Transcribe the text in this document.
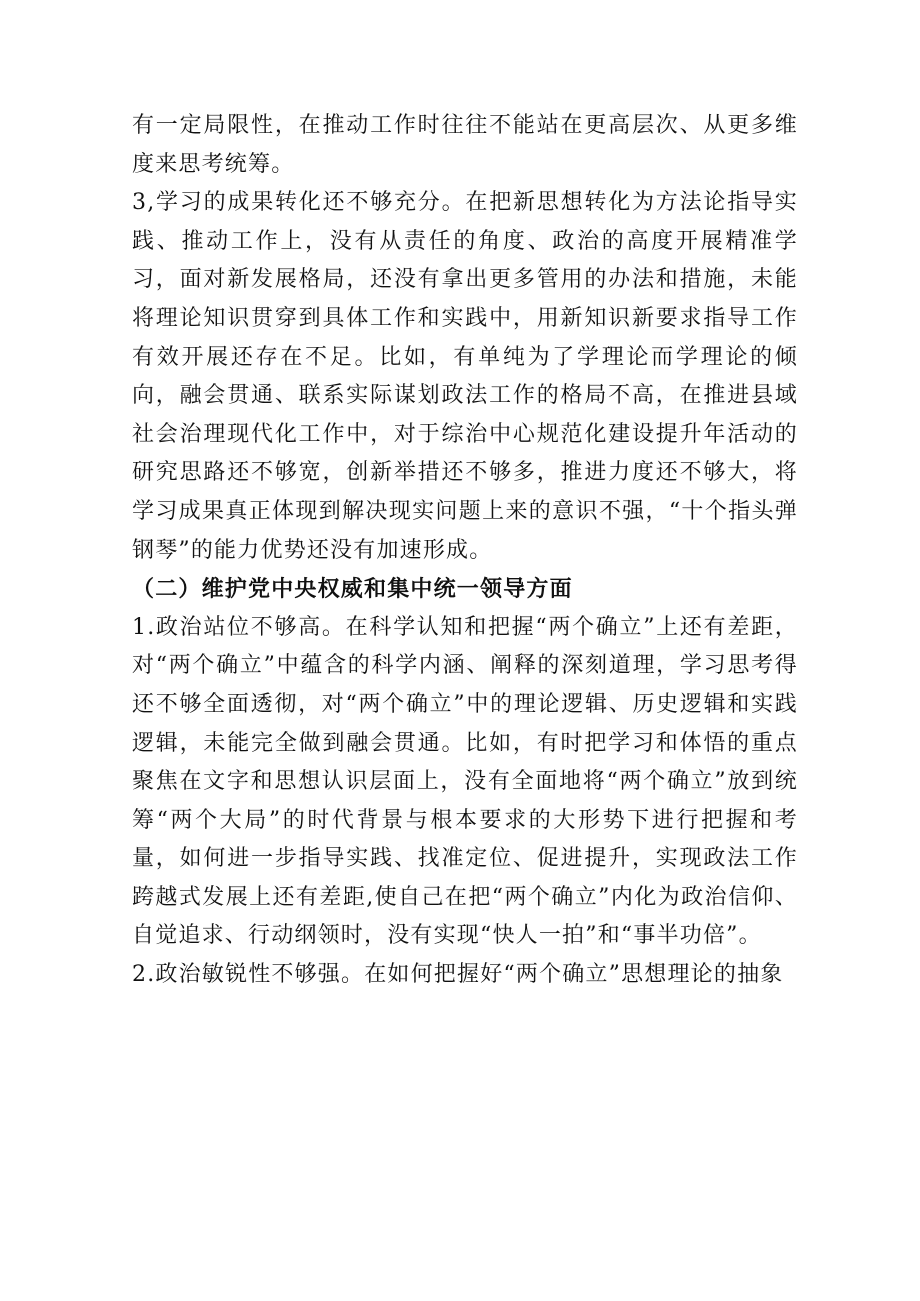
有一定局限性，在推动工作时往往不能站在更高层次、从更多维度来思考统筹。

3,学习的成果转化还不够充分。在把新思想转化为方法论指导实践、推动工作上，没有从责任的角度、政治的高度开展精准学习，面对新发展格局，还没有拿出更多管用的办法和措施，未能将理论知识贯穿到具体工作和实践中，用新知识新要求指导工作有效开展还存在不足。比如，有单纯为了学理论而学理论的倾向，融会贯通、联系实际谋划政法工作的格局不高，在推进县域社会治理现代化工作中，对于综治中心规范化建设提升年活动的研究思路还不够宽，创新举措还不够多，推进力度还不够大，将学习成果真正体现到解决现实问题上来的意识不强，“十个指头弹钢琴”的能力优势还没有加速形成。

（二）维护党中央权威和集中统一领导方面

1.政治站位不够高。在科学认知和把握“两个确立”上还有差距，对“两个确立”中蕴含的科学内涵、阐释的深刻道理，学习思考得还不够全面透彻，对“两个确立”中的理论逻辑、历史逻辑和实践逻辑，未能完全做到融会贯通。比如，有时把学习和体悟的重点聚焦在文字和思想认识层面上，没有全面地将“两个确立”放到统筹“两个大局”的时代背景与根本要求的大形势下进行把握和考量，如何进一步指导实践、找准定位、促进提升，实现政法工作跨越式发展上还有差距,使自己在把“两个确立”内化为政治信仰、自觉追求、行动纲领时，没有实现“快人一拍”和“事半功倍”。

2.政治敏锐性不够强。在如何把握好“两个确立”思想理论的抽象
